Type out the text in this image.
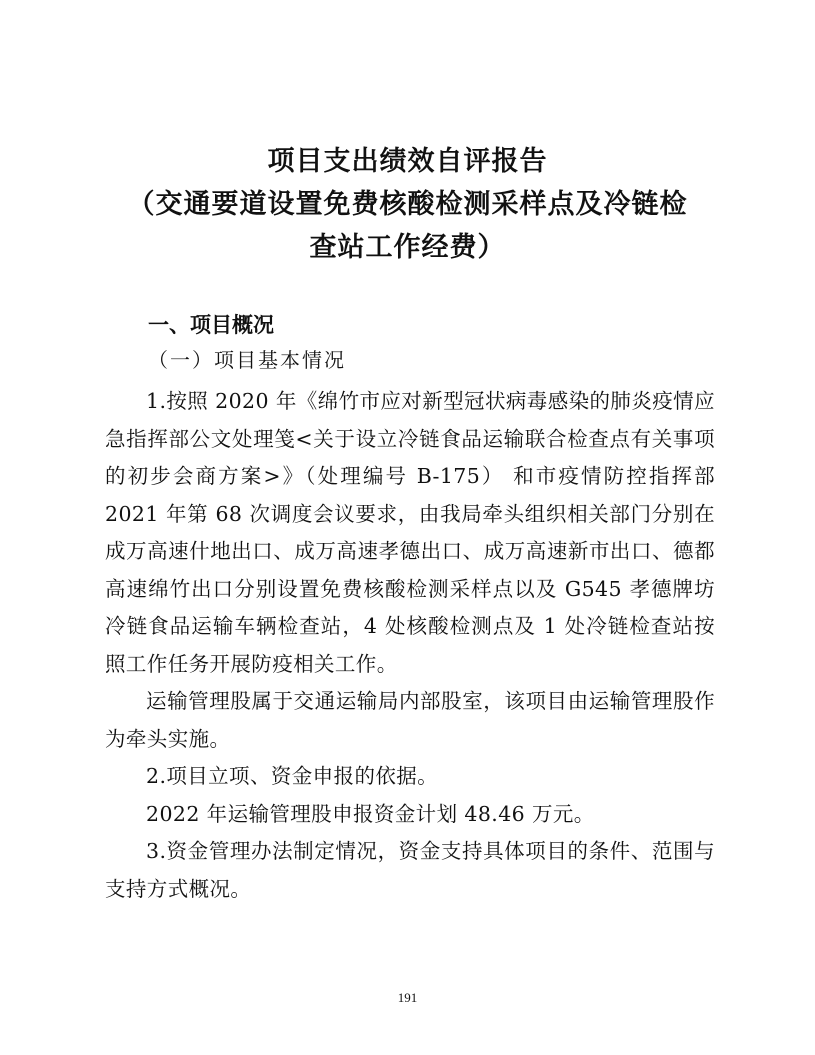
项目支出绩效自评报告
（交通要道设置免费核酸检测采样点及冷链检
查站工作经费）
一、项目概况
（一）项目基本情况

1.按照 2020 年《绵竹市应对新型冠状病毒感染的肺炎疫情应急指挥部公文处理笺<关于设立冷链食品运输联合检查点有关事项的初步会商方案>》（处理编号 B-175） 和市疫情防控指挥部 2021 年第 68 次调度会议要求，由我局牵头组织相关部门分别在成万高速什地出口、成万高速孝德出口、成万高速新市出口、德都高速绵竹出口分别设置免费核酸检测采样点以及 G545 孝德牌坊冷链食品运输车辆检查站，4 处核酸检测点及 1 处冷链检查站按照工作任务开展防疫相关工作。

运输管理股属于交通运输局内部股室，该项目由运输管理股作为牵头实施。

2.项目立项、资金申报的依据。

2022 年运输管理股申报资金计划 48.46 万元。

3.资金管理办法制定情况，资金支持具体项目的条件、范围与支持方式概况。

191
